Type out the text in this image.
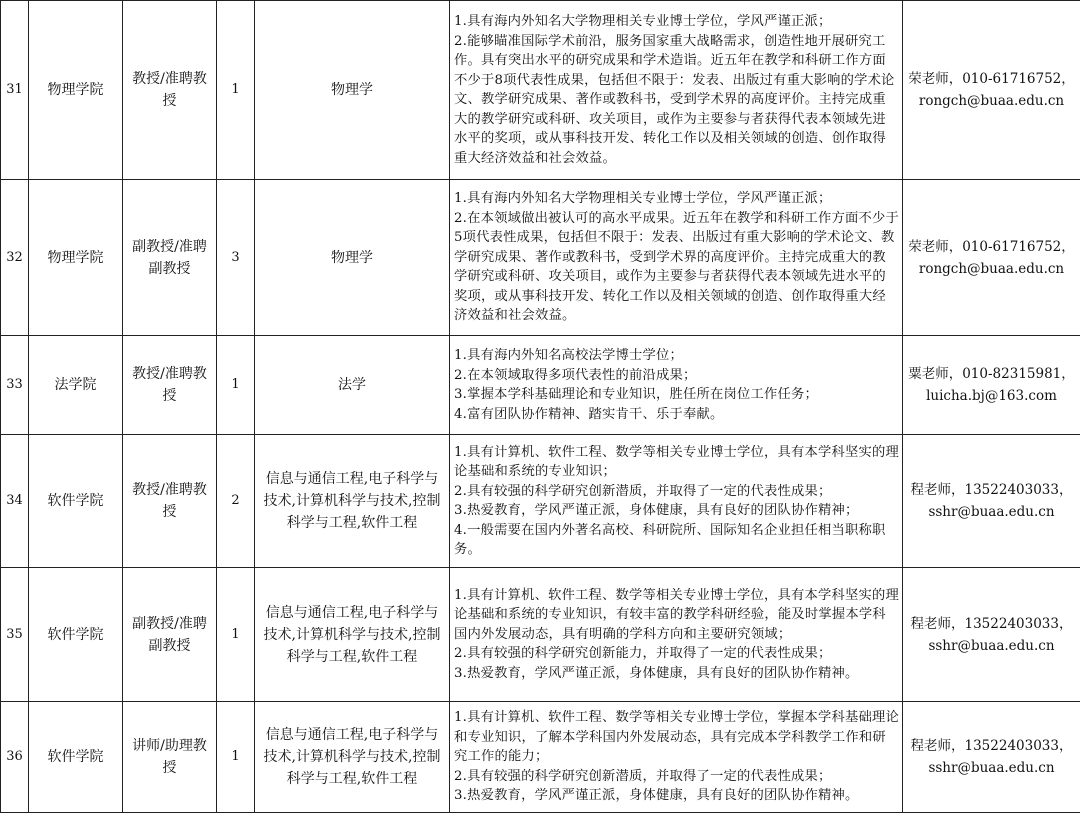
31	物理学院	教授/准聘教授	1	物理学	1.具有海内外知名大学物理相关专业博士学位，学风严谨正派；
2.能够瞄准国际学术前沿，服务国家重大战略需求，创造性地开展研究工作。具有突出水平的研究成果和学术造诣。近五年在教学和科研工作方面不少于8项代表性成果，包括但不限于：发表、出版过有重大影响的学术论文、教学研究成果、著作或教科书，受到学术界的高度评价。主持完成重大的教学研究或科研、攻关项目，或作为主要参与者获得代表本领域先进水平的奖项，或从事科技开发、转化工作以及相关领域的创造、创作取得重大经济效益和社会效益。	荣老师，010-61716752，
rongch@buaa.edu.cn

32	物理学院	副教授/准聘副教授	3	物理学	1.具有海内外知名大学物理相关专业博士学位，学风严谨正派；
2.在本领域做出被认可的高水平成果。近五年在教学和科研工作方面不少于5项代表性成果，包括但不限于：发表、出版过有重大影响的学术论文、教学研究成果、著作或教科书，受到学术界的高度评价。主持完成重大的教学研究或科研、攻关项目，或作为主要参与者获得代表本领域先进水平的奖项，或从事科技开发、转化工作以及相关领域的创造、创作取得重大经济效益和社会效益。	荣老师，010-61716752，
rongch@buaa.edu.cn

33	法学院	教授/准聘教授	1	法学	1.具有海内外知名高校法学博士学位；
2.在本领域取得多项代表性的前沿成果；
3.掌握本学科基础理论和专业知识，胜任所在岗位工作任务；
4.富有团队协作精神、踏实肯干、乐于奉献。	粟老师，010-82315981，
luicha.bj@163.com

34	软件学院	教授/准聘教授	2	信息与通信工程,电子科学与技术,计算机科学与技术,控制科学与工程,软件工程	1.具有计算机、软件工程、数学等相关专业博士学位，具有本学科坚实的理论基础和系统的专业知识；
2.具有较强的科学研究创新潜质，并取得了一定的代表性成果；
3.热爱教育，学风严谨正派，身体健康，具有良好的团队协作精神；
4.一般需要在国内外著名高校、科研院所、国际知名企业担任相当职称职务。	程老师，13522403033，
sshr@buaa.edu.cn

35	软件学院	副教授/准聘副教授	1	信息与通信工程,电子科学与技术,计算机科学与技术,控制科学与工程,软件工程	1.具有计算机、软件工程、数学等相关专业博士学位，具有本学科坚实的理论基础和系统的专业知识，有较丰富的教学科研经验，能及时掌握本学科国内外发展动态，具有明确的学科方向和主要研究领域；
2.具有较强的科学研究创新能力，并取得了一定的代表性成果；
3.热爱教育，学风严谨正派，身体健康，具有良好的团队协作精神。	程老师，13522403033，
sshr@buaa.edu.cn

36	软件学院	讲师/助理教授	1	信息与通信工程,电子科学与技术,计算机科学与技术,控制科学与工程,软件工程	1.具有计算机、软件工程、数学等相关专业博士学位，掌握本学科基础理论和专业知识，了解本学科国内外发展动态，具有完成本学科教学工作和研究工作的能力；
2.具有较强的科学研究创新潜质，并取得了一定的代表性成果；
3.热爱教育，学风严谨正派，身体健康，具有良好的团队协作精神。	程老师，13522403033，
sshr@buaa.edu.cn
